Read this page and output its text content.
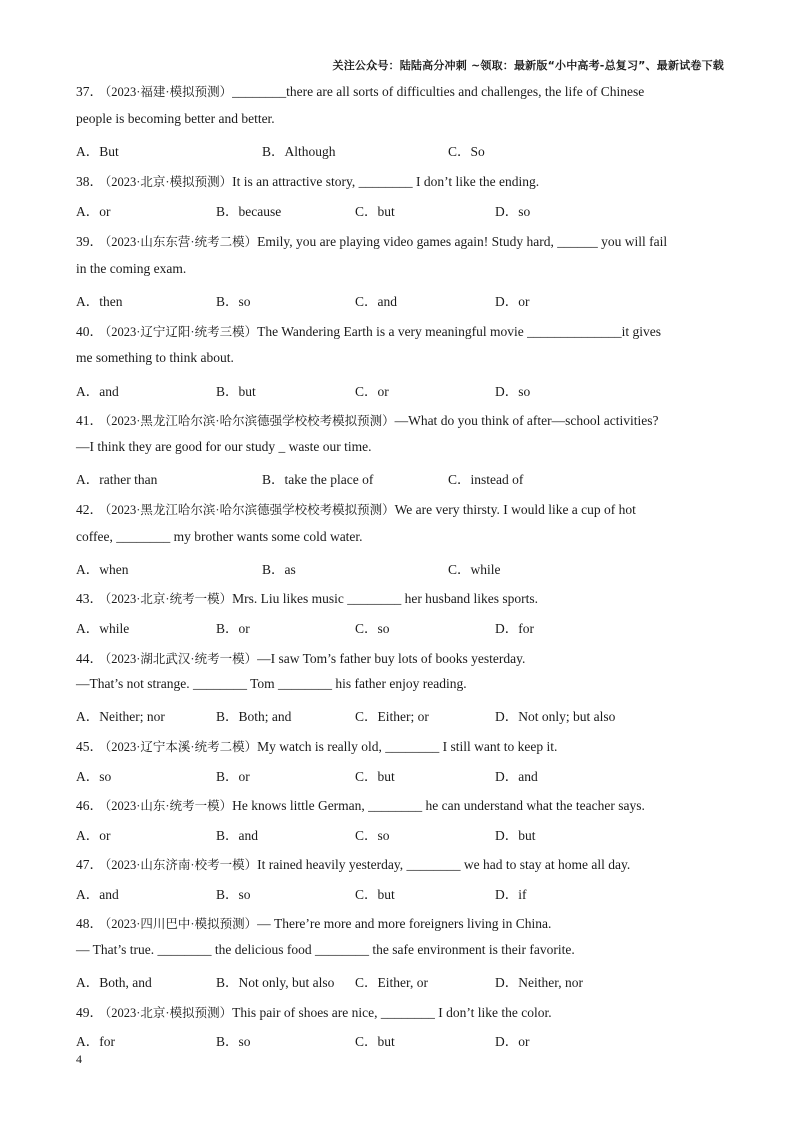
关注公众号：陆陆高分冲刺 ~领取：最新版“小中高考-总复习”、最新试卷下载
37． （2023·福建·模拟预测）________there are all sorts of difficulties and challenges, the life of Chinese
people is becoming better and better.
A．But	B．Although	C．So
38． （2023·北京·模拟预测）It is an attractive story, ________ I don’t like the ending.
A．or	B．because	C．but	D．so
39． （2023·山东东营·统考二模）Emily, you are playing video games again! Study hard, ______ you will fail
in the coming exam.
A．then	B．so	C．and	D．or
40． （2023·辽宁辽阳·统考三模）The Wandering Earth is a very meaningful movie ______________it gives
me something to think about.
A．and	B．but	C．or	D．so
41． （2023·黑龙江哈尔滨·哈尔滨德强学校校考模拟预测）—What do you think of after—school activities?
—I think they are good for our study _ waste our time.
A．rather than	B．take the place of	C．instead of
42． （2023·黑龙江哈尔滨·哈尔滨德强学校校考模拟预测）We are very thirsty. I would like a cup of hot
coffee, ________ my brother wants some cold water.
A．when	B．as	C．while
43． （2023·北京·统考一模）Mrs. Liu likes music ________ her husband likes sports.
A．while	B．or	C．so	D．for
44． （2023·湖北武汉·统考一模）—I saw Tom’s father buy lots of books yesterday.
—That’s not strange. ________ Tom ________ his father enjoy reading.
A．Neither; nor	B．Both; and	C．Either; or	D．Not only; but also
45． （2023·辽宁本溪·统考二模）My watch is really old, ________ I still want to keep it.
A．so	B．or	C．but	D．and
46． （2023·山东·统考一模）He knows little German, ________ he can understand what the teacher says.
A．or	B．and	C．so	D．but
47． （2023·山东济南·校考一模）It rained heavily yesterday, ________ we had to stay at home all day.
A．and	B．so	C．but	D．if
48． （2023·四川巴中·模拟预测）— There’re more and more foreigners living in China.
— That’s true. ________ the delicious food ________ the safe environment is their favorite.
A．Both, and	B．Not only, but also C．Either, or	D．Neither, nor
49． （2023·北京·模拟预测）This pair of shoes are nice, ________ I don’t like the color.
A．for	B．so	C．but	D．or
4
